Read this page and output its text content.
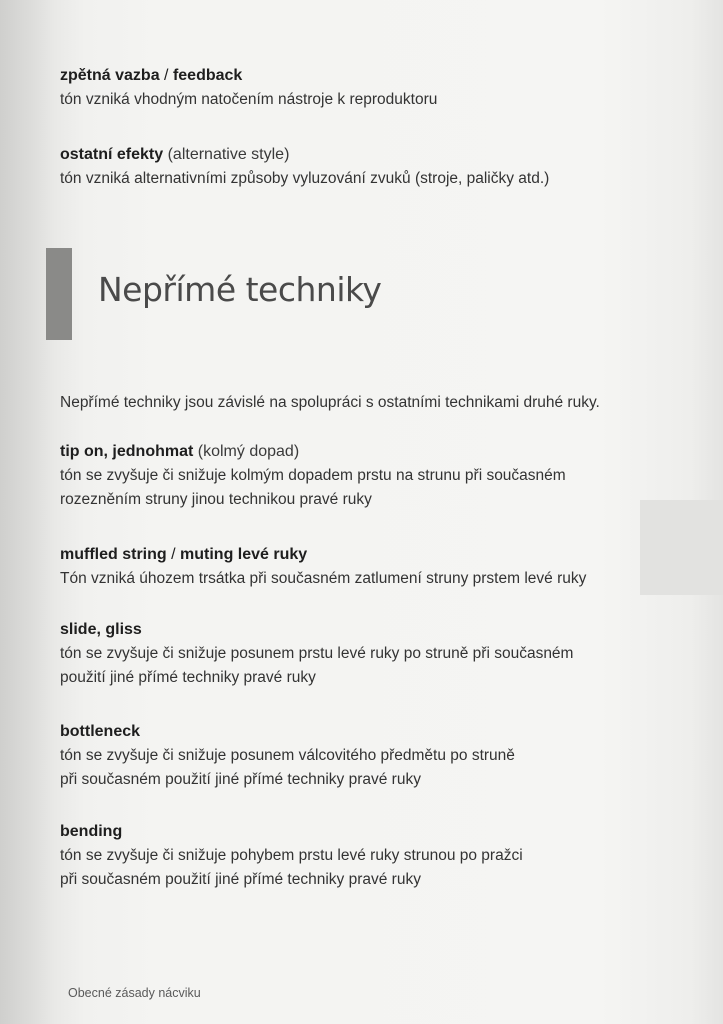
zpětná vazba / feedback

tón vzniká vhodným natočením nástroje k reproduktoru

ostatní efekty (alternative style)

tón vzniká alternativními způsoby vyluzování zvuků (stroje, paličky atd.)

Nepřímé techniky

Nepřímé techniky jsou závislé na spolupráci s ostatními technikami druhé ruky.

tip on, jednohmat (kolmý dopad)

tón se zvyšuje či snižuje kolmým dopadem prstu na strunu při současném

rozezněním struny jinou technikou pravé ruky

muffled string / muting levé ruky

Tón vzniká úhozem trsátka při současném zatlumení struny prstem levé ruky

slide, gliss

tón se zvyšuje či snižuje posunem prstu levé ruky po struně při současném

použití jiné přímé techniky pravé ruky

bottleneck

tón se zvyšuje či snižuje posunem válcovitého předmětu po struně

při současném použití jiné přímé techniky pravé ruky

bending

tón se zvyšuje či snižuje pohybem prstu levé ruky strunou po pražci

při současném použití jiné přímé techniky pravé ruky

Obecné zásady nácviku
